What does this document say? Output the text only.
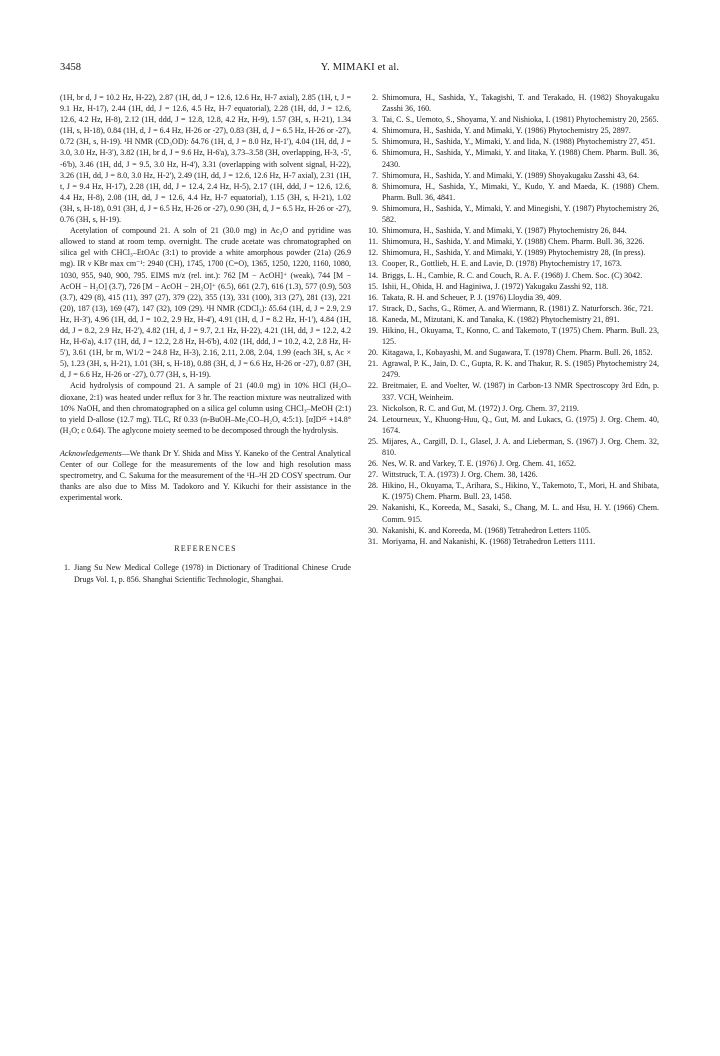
3458	Y. MIMAKI et al.

(1H, br d, J = 10.2 Hz, H-22), 2.87 (1H, dd, J = 12.6, 12.6 Hz, H-7 axial), 2.85 (1H, t, J = 9.1 Hz, H-17), 2.44 (1H, dd, J = 12.6, 4.5 Hz, H-7 equatorial), 2.28 (1H, dd, J = 12.6, 12.6, 4.2 Hz, H-8), 2.12 (1H, ddd, J = 12.8, 12.8, 4.2 Hz, H-9), 1.57 (3H, s, H-21), 1.34 (1H, s, H-18), 0.84 (1H, d, J = 6.4 Hz, H-26 or -27), 0.83 (3H, d, J = 6.5 Hz, H-26 or -27), 0.72 (3H, s, H-19). ¹H NMR (CD₃OD): δ4.76 (1H, d, J = 8.0 Hz, H-1'), 4.04 (1H, dd, J = 3.0, 3.0 Hz, H-3'), 3.82 (1H, br d, J = 9.6 Hz, H-6'a), 3.73–3.58 (3H, overlapping, H-3, -5', -6'b), 3.46 (1H, dd, J = 9.5, 3.0 Hz, H-4'), 3.31 (overlapping with solvent signal, H-22), 3.26 (1H, dd, J = 8.0, 3.0 Hz, H-2'), 2.49 (1H, dd, J = 12.6, 12.6 Hz, H-7 axial), 2.31 (1H, t, J = 9.4 Hz, H-17), 2.28 (1H, dd, J = 12.4, 2.4 Hz, H-5), 2.17 (1H, ddd, J = 12.6, 12.6, 4.4 Hz, H-8), 2.08 (1H, dd, J = 12.6, 4.4 Hz, H-7 equatorial), 1.15 (3H, s, H-21), 1.02 (3H, s, H-18), 0.91 (3H, d, J = 6.5 Hz, H-26 or -27), 0.90 (3H, d, J = 6.5 Hz, H-26 or -27), 0.76 (3H, s, H-19).

Acetylation of compound 21. A soln of 21 (30.0 mg) in Ac₂O and pyridine was allowed to stand at room temp. overnight. The crude acetate was chromatographed on silica gel with CHCl₃–EtOAc (3:1) to provide a white amorphous powder (21a) (26.9 mg). IR ν KBr max cm⁻¹: 2940 (CH), 1745, 1700 (C=O), 1365, 1250, 1220, 1160, 1080, 1030, 955, 940, 900, 795. EIMS m/z (rel. int.): 762 [M − AcOH]⁺ (weak), 744 [M − AcOH − H₂O] (3.7), 726 [M − AcOH − 2H₂O]⁺ (6.5), 661 (2.7), 616 (1.3), 577 (0.9), 503 (3.7), 429 (8), 415 (11), 397 (27), 379 (22), 355 (13), 331 (100), 313 (27), 281 (13), 221 (20), 187 (13), 169 (47), 147 (32), 109 (29). ¹H NMR (CDCl₃): δ5.64 (1H, d, J = 2.9, 2.9 Hz, H-3'), 4.96 (1H, dd, J = 10.2, 2.9 Hz, H-4'), 4.91 (1H, d, J = 8.2 Hz, H-1'), 4.84 (1H, dd, J = 8.2, 2.9 Hz, H-2'), 4.82 (1H, d, J = 9.7, 2.1 Hz, H-22), 4.21 (1H, dd, J = 12.2, 4.2 Hz, H-6'a), 4.17 (1H, dd, J = 12.2, 2.8 Hz, H-6'b), 4.02 (1H, ddd, J = 10.2, 4.2, 2.8 Hz, H-5'), 3.61 (1H, br m, W1/2 = 24.8 Hz, H-3), 2.16, 2.11, 2.08, 2.04, 1.99 (each 3H, s, Ac × 5), 1.23 (3H, s, H-21), 1.01 (3H, s, H-18), 0.88 (3H, d, J = 6.6 Hz, H-26 or -27), 0.87 (3H, d, J = 6.6 Hz, H-26 or -27), 0.77 (3H, s, H-19).

Acid hydrolysis of compound 21. A sample of 21 (40.0 mg) in 10% HCl (H₂O–dioxane, 2:1) was heated under reflux for 3 hr. The reaction mixture was neutralized with 10% NaOH, and then chromatographed on a silica gel column using CHCl₃–MeOH (2:1) to yield D-allose (12.7 mg). TLC, Rf 0.33 (n-BuOH–Me₂CO–H₂O, 4:5:1). [α]D²⁵ +14.8° (H₂O; c 0.64). The aglycone moiety seemed to be decomposed through the hydrolysis.

Acknowledgements—We thank Dr Y. Shida and Miss Y. Kaneko of the Central Analytical Center of our College for the measurements of the low and high resolution mass spectrometry, and C. Sakuma for the measurement of the ¹H–¹H 2D COSY spectrum. Our thanks are also due to Miss M. Tadokoro and Y. Kikuchi for their assistance in the experimental work.

REFERENCES

1. Jiang Su New Medical College (1978) in Dictionary of Traditional Chinese Crude Drugs Vol. 1, p. 856. Shanghai Scientific Technologic, Shanghai.

2. Shimomura, H., Sashida, Y., Takagishi, T. and Terakado, H. (1982) Shoyakugaku Zasshi 36, 160.

3. Tai, C. S., Uemoto, S., Shoyama, Y. and Nishioka, I. (1981) Phytochemistry 20, 2565.

4. Shimomura, H., Sashida, Y. and Mimaki, Y. (1986) Phytochemistry 25, 2897.

5. Shimomura, H., Sashida, Y., Mimaki, Y. and Iida, N. (1988) Phytochemistry 27, 451.

6. Shimomura, H., Sashida, Y., Mimaki, Y. and Iitaka, Y. (1988) Chem. Pharm. Bull. 36, 2430.

7. Shimomura, H., Sashida, Y. and Mimaki, Y. (1989) Shoyakugaku Zasshi 43, 64.

8. Shimomura, H., Sashida, Y., Mimaki, Y., Kudo, Y. and Maeda, K. (1988) Chem. Pharm. Bull. 36, 4841.

9. Shimomura, H., Sashida, Y., Mimaki, Y. and Minegishi, Y. (1987) Phytochemistry 26, 582.

10. Shimomura, H., Sashida, Y. and Mimaki, Y. (1987) Phytochemistry 26, 844.

11. Shimomura, H., Sashida, Y. and Mimaki, Y. (1988) Chem. Pharm. Bull. 36, 3226.

12. Shimomura, H., Sashida, Y. and Mimaki, Y. (1989) Phytochemistry 28, (In press).

13. Cooper, R., Gottlieb, H. E. and Lavie, D. (1978) Phytochemistry 17, 1673.

14. Briggs, L. H., Cambie, R. C. and Couch, R. A. F. (1968) J. Chem. Soc. (C) 3042.

15. Ishii, H., Ohida, H. and Haginiwa, J. (1972) Yakugaku Zasshi 92, 118.

16. Takata, R. H. and Scheuer, P. J. (1976) Lloydia 39, 409.

17. Strack, D., Sachs, G., Römer, A. and Wiermann, R. (1981) Z. Naturforsch. 36c, 721.

18. Kaneda, M., Mizutani, K. and Tanaka, K. (1982) Phytochemistry 21, 891.

19. Hikino, H., Okuyama, T., Konno, C. and Takemoto, T (1975) Chem. Pharm. Bull. 23, 125.

20. Kitagawa, I., Kobayashi, M. and Sugawara, T. (1978) Chem. Pharm. Bull. 26, 1852.

21. Agrawal, P. K., Jain, D. C., Gupta, R. K. and Thakur, R. S. (1985) Phytochemistry 24, 2479.

22. Breitmaier, E. and Voelter, W. (1987) in Carbon-13 NMR Spectroscopy 3rd Edn, p. 337. VCH, Weinheim.

23. Nickolson, R. C. and Gut, M. (1972) J. Org. Chem. 37, 2119.

24. Letourneux, Y., Khuong-Huu, Q., Gut, M. and Lukacs, G. (1975) J. Org. Chem. 40, 1674.

25. Mijares, A., Cargill, D. I., Glasel, J. A. and Lieberman, S. (1967) J. Org. Chem. 32, 810.

26. Nes, W. R. and Varkey, T. E. (1976) J. Org. Chem. 41, 1652.

27. Wittstruck, T. A. (1973) J. Org. Chem. 38, 1426.

28. Hikino, H., Okuyama, T., Arihara, S., Hikino, Y., Takemoto, T., Mori, H. and Shibata, K. (1975) Chem. Pharm. Bull. 23, 1458.

29. Nakanishi, K., Koreeda, M., Sasaki, S., Chang, M. L. and Hsu, H. Y. (1966) Chem. Comm. 915.

30. Nakanishi, K. and Koreeda, M. (1968) Tetrahedron Letters 1105.

31. Moriyama, H. and Nakanishi, K. (1968) Tetrahedron Letters 1111.
